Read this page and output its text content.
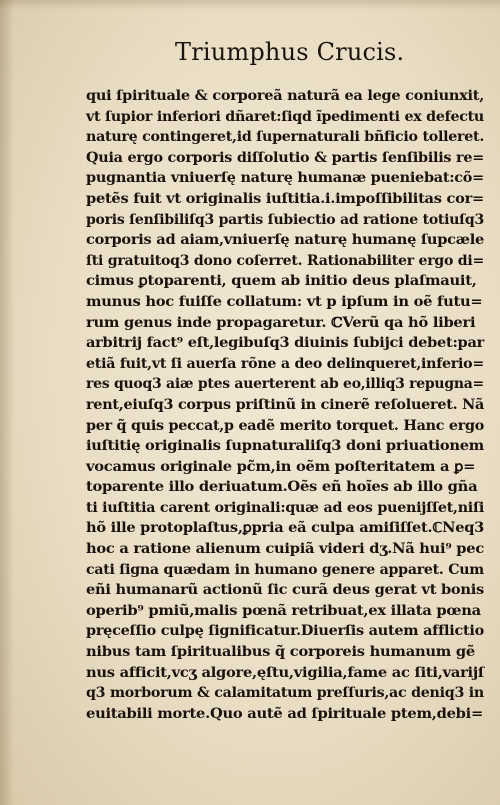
Triumphus Crucis.
qui ſpirituale & corporeã naturã ea lege coniunxit,
vt ſupior inferiori dñaret:ſiqd ĩpedimenti ex defectu
naturę contingeret,id ſupernaturali bñficio tolleret.
Quia ergo corporis diſſolutio & partis ſenſibilis re=
pugnantia vniuerſę naturę humanæ pueniebat:cõ=
petẽs fuit vt originalis iuſtitia.i.impoſſibilitas cor=
poris ſenſibiliſq3 partis ſubiectio ad ratione totiuſq3
corporis ad aiam,vniuerſę naturę humanę ſupcæle
ſti gratuitoq3 dono coſerret. Rationabiliter ergo di=
cimus ꝑtoparenti, quem ab initio deus plaſmauit,
munus hoc fuiſſe collatum: vt p ipſum in oẽ futu=
rum genus inde propagaretur. ℂVerũ qa hõ liberi
arbitrij fact⁹ eſt,legibuſq3 diuinis ſubijci debet:par
etiã fuit,vt ſi auerſa rõne a deo delinqueret,inferio=
res quoq3 aiæ ptes auerterent ab eo,illiq3 repugna=
rent,eiuſq3 corpus priſtinũ in cinerẽ reſolueret. Nã
per q̃ quis peccat,p eadẽ merito torquet. Hanc ergo
iuſtitię originalis ſupnaturaliſq3 doni priuationem
vocamus originale pc̃m,in oẽm poſteritatem a ꝑ=
toparente illo deriuatum.Oẽs eñ hoĩes ab illo gña
ti iuſtitia carent originali:quæ ad eos puenijſſet,niſi
hõ ille protoplaſtus,ꝑpria eã culpa amiſiſſet.ℂNeq3
hoc a ratione alienum cuipiã videri dʒ.Nã hui⁹ pec
cati ſigna quædam in humano genere apparet. Cum
eñi humanarũ actionũ ſic curã deus gerat vt bonis
operib⁹ pmiũ,malis pœnã retribuat,ex illata pœna
pręceſſio culpę ſignificatur.Diuerſis autem afflictio
nibus tam ſpiritualibus q̃ corporeis humanum gẽ
nus afficit,vcʒ algore,ęſtu,vigilia,fame ac ſiti,varijſ
q3 morborum & calamitatum preſſuris,ac deniq3 in
euitabili morte.Quo autẽ ad ſpirituale ptem,debi=
